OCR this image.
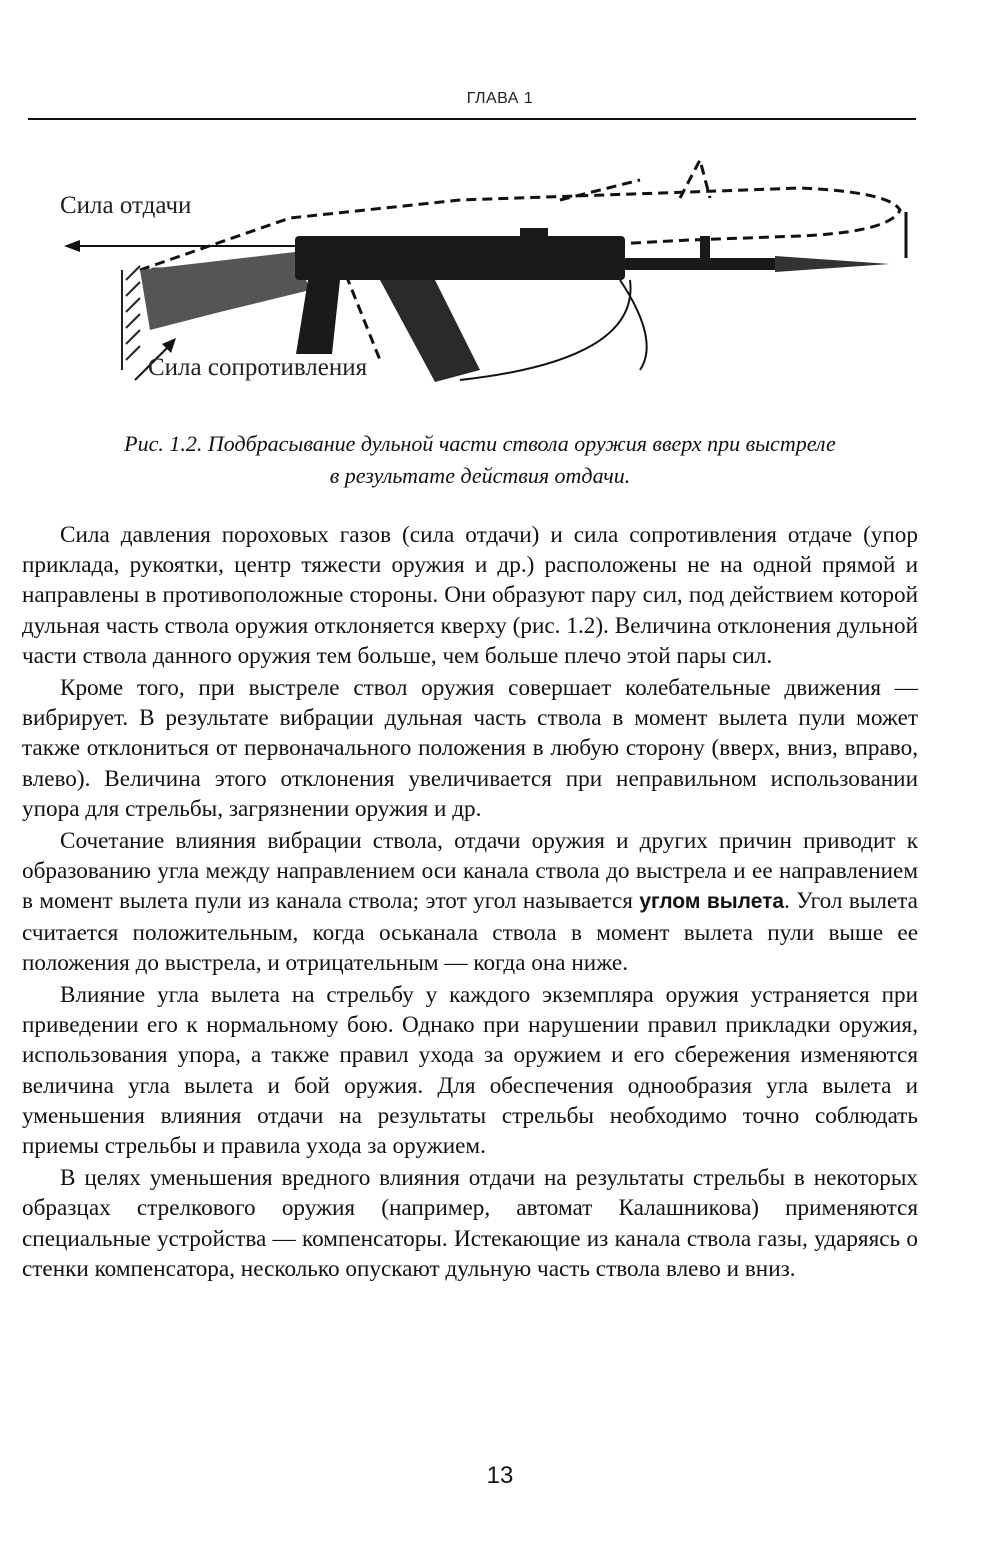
ГЛАВА 1
Сила отдачи
Сила сопротивления
Рис. 1.2. Подбрасывание дульной части ствола оружия вверх при выстреле
в результате действия отдачи.

Сила давления пороховых газов (сила отдачи) и сила сопротивления отдаче (упор приклада, рукоятки, центр тяжести оружия и др.) расположены не на одной прямой и направлены в противоположные стороны. Они образуют пару сил, под действием которой дульная часть ствола оружия отклоняется кверху (рис. 1.2). Величина отклонения дульной части ствола данного оружия тем больше, чем больше плечо этой пары сил.

Кроме того, при выстреле ствол оружия совершает колебательные движения — вибрирует. В результате вибрации дульная часть ствола в момент вылета пули может также отклониться от первоначального положения в любую сторону (вверх, вниз, вправо, влево). Величина этого отклонения увеличивается при неправильном использовании упора для стрельбы, загрязнении оружия и др.

Сочетание влияния вибрации ствола, отдачи оружия и других причин приводит к образованию угла между направлением оси канала ствола до выстрела и ее направлением в момент вылета пули из канала ствола; этот угол называется углом вылета. Угол вылета считается положительным, когда оськанала ствола в момент вылета пули выше ее положения до выстрела, и отрицательным — когда она ниже.

Влияние угла вылета на стрельбу у каждого экземпляра оружия устраняется при приведении его к нормальному бою. Однако при нарушении правил прикладки оружия, использования упора, а также правил ухода за оружием и его сбережения изменяются величина угла вылета и бой оружия. Для обеспечения однообразия угла вылета и уменьшения влияния отдачи на результаты стрельбы необходимо точно соблюдать приемы стрельбы и правила ухода за оружием.

В целях уменьшения вредного влияния отдачи на результаты стрельбы в некоторых образцах стрелкового оружия (например, автомат Калашникова) применяются специальные устройства — компенсаторы. Истекающие из канала ствола газы, ударяясь о стенки компенсатора, несколько опускают дульную часть ствола влево и вниз.

13
